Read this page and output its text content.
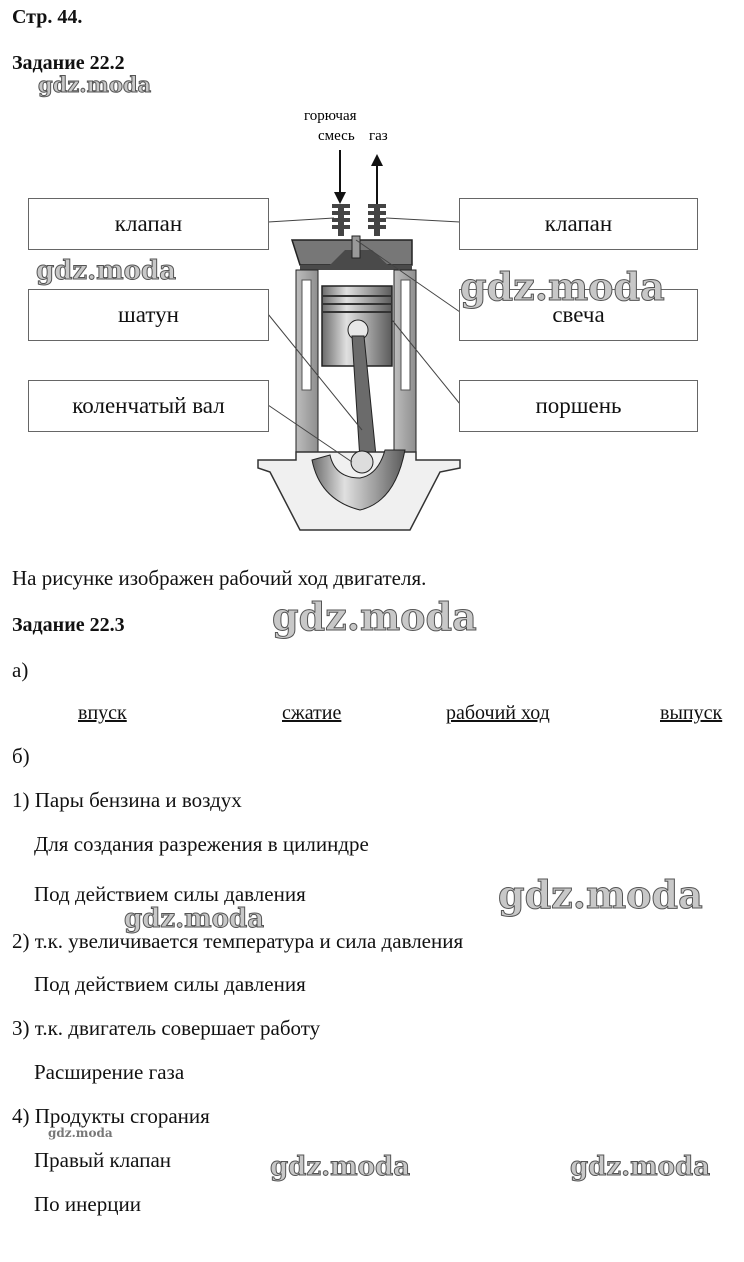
Стр. 44.
Задание 22.2
горючая
смесь газ
клапан
шатун
коленчатый вал
клапан
свеча
поршень
На рисунке изображен рабочий ход двигателя.
Задание 22.3
а)
впуск	сжатие	рабочий ход	выпуск
б)
1) Пары бензина и воздух
Для создания разрежения в цилиндре
Под действием силы давления
2) т.к. увеличивается температура и сила давления
Под действием силы давления
3) т.к. двигатель совершает работу
Расширение газа
4) Продукты сгорания
Правый клапан
По инерции
gdz.moda
gdz.moda	gdz.moda
gdz.moda
gdz.moda
gdz.moda
gdz.moda
gdz.moda	gdz.moda
